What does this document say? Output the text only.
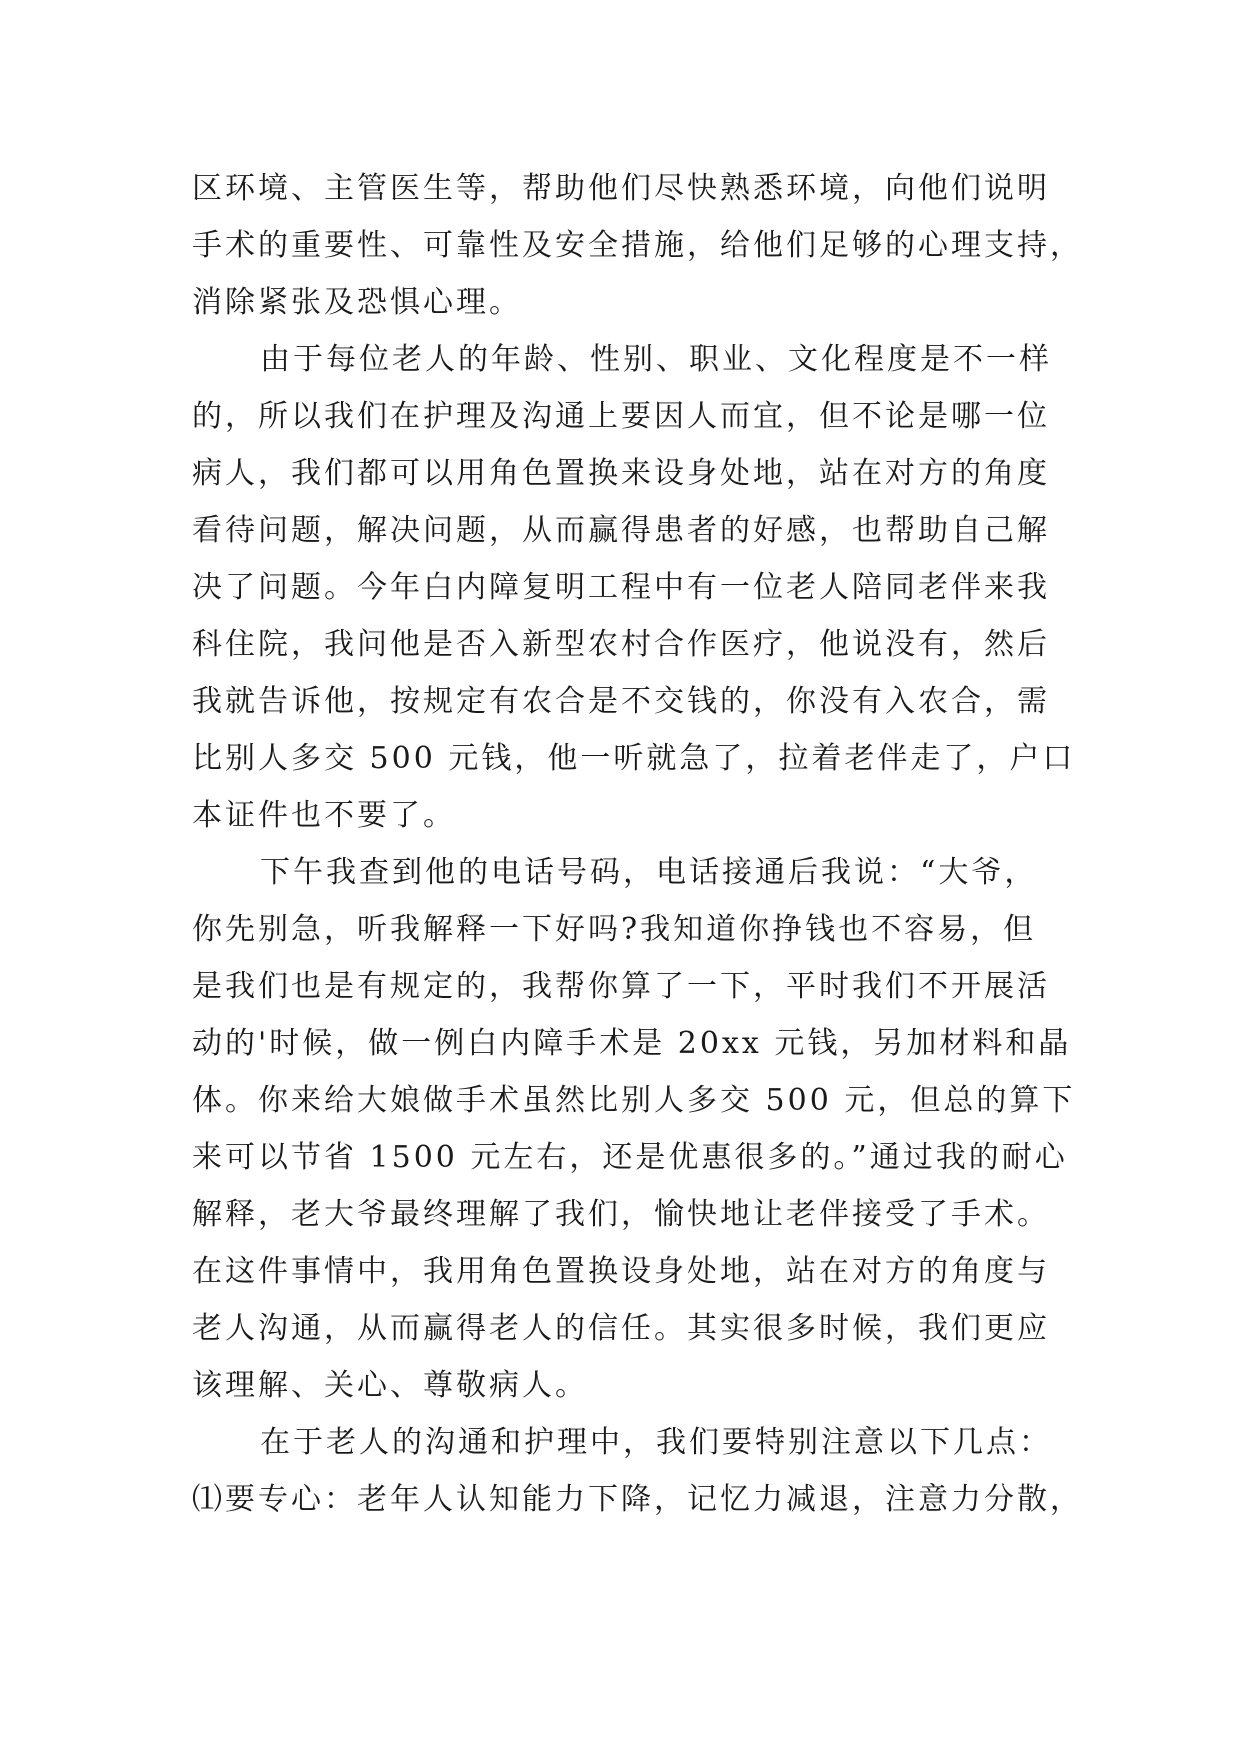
区环境、主管医生等，帮助他们尽快熟悉环境，向他们说明
手术的重要性、可靠性及安全措施，给他们足够的心理支持，
消除紧张及恐惧心理。
由于每位老人的年龄、性别、职业、文化程度是不一样
的，所以我们在护理及沟通上要因人而宜，但不论是哪一位
病人，我们都可以用角色置换来设身处地，站在对方的角度
看待问题，解决问题，从而赢得患者的好感，也帮助自己解
决了问题。今年白内障复明工程中有一位老人陪同老伴来我
科住院，我问他是否入新型农村合作医疗，他说没有，然后
我就告诉他，按规定有农合是不交钱的，你没有入农合，需
比别人多交 500 元钱，他一听就急了，拉着老伴走了，户口
本证件也不要了。
下午我查到他的电话号码，电话接通后我说：“大爷，
你先别急，听我解释一下好吗?我知道你挣钱也不容易，但
是我们也是有规定的，我帮你算了一下，平时我们不开展活
动的'时候，做一例白内障手术是 20xx 元钱，另加材料和晶
体。你来给大娘做手术虽然比别人多交 500 元，但总的算下
来可以节省 1500 元左右，还是优惠很多的。”通过我的耐心
解释，老大爷最终理解了我们，愉快地让老伴接受了手术。
在这件事情中，我用角色置换设身处地，站在对方的角度与
老人沟通，从而赢得老人的信任。其实很多时候，我们更应
该理解、关心、尊敬病人。
在于老人的沟通和护理中，我们要特别注意以下几点：
⑴要专心：老年人认知能力下降，记忆力减退，注意力分散，
